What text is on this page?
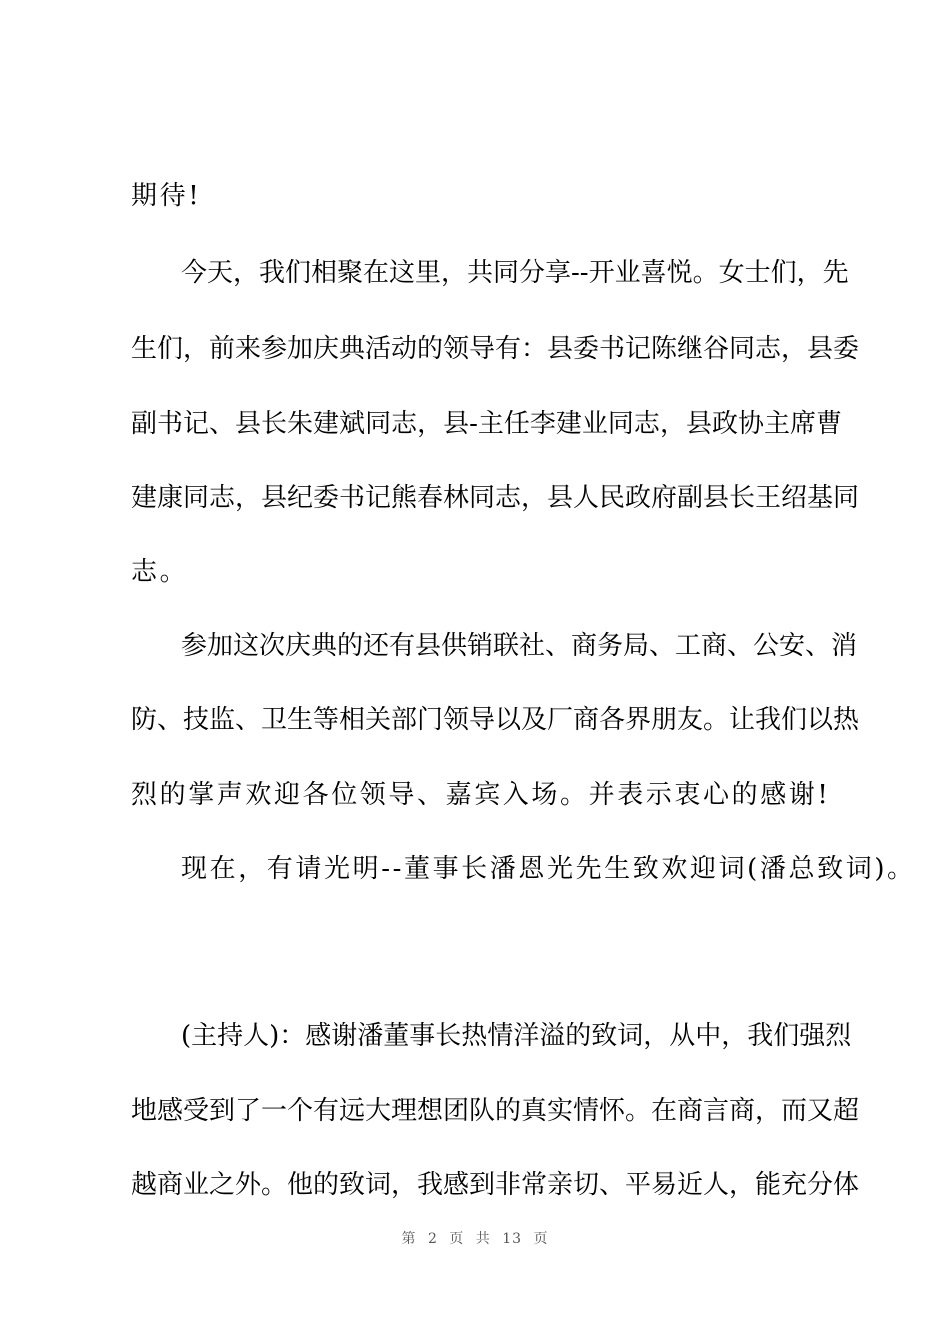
期待!
今天，我们相聚在这里，共同分享--开业喜悦。女士们，先
生们，前来参加庆典活动的领导有：县委书记陈继谷同志，县委
副书记、县长朱建斌同志，县-主任李建业同志，县政协主席曹
建康同志，县纪委书记熊春林同志，县人民政府副县长王绍基同
志。
参加这次庆典的还有县供销联社、商务局、工商、公安、消
防、技监、卫生等相关部门领导以及厂商各界朋友。让我们以热
烈的掌声欢迎各位领导、嘉宾入场。并表示衷心的感谢!
现在，有请光明--董事长潘恩光先生致欢迎词(潘总致词)。
(主持人)：感谢潘董事长热情洋溢的致词，从中，我们强烈
地感受到了一个有远大理想团队的真实情怀。在商言商，而又超
越商业之外。他的致词，我感到非常亲切、平易近人，能充分体
第 2 页 共 13 页
